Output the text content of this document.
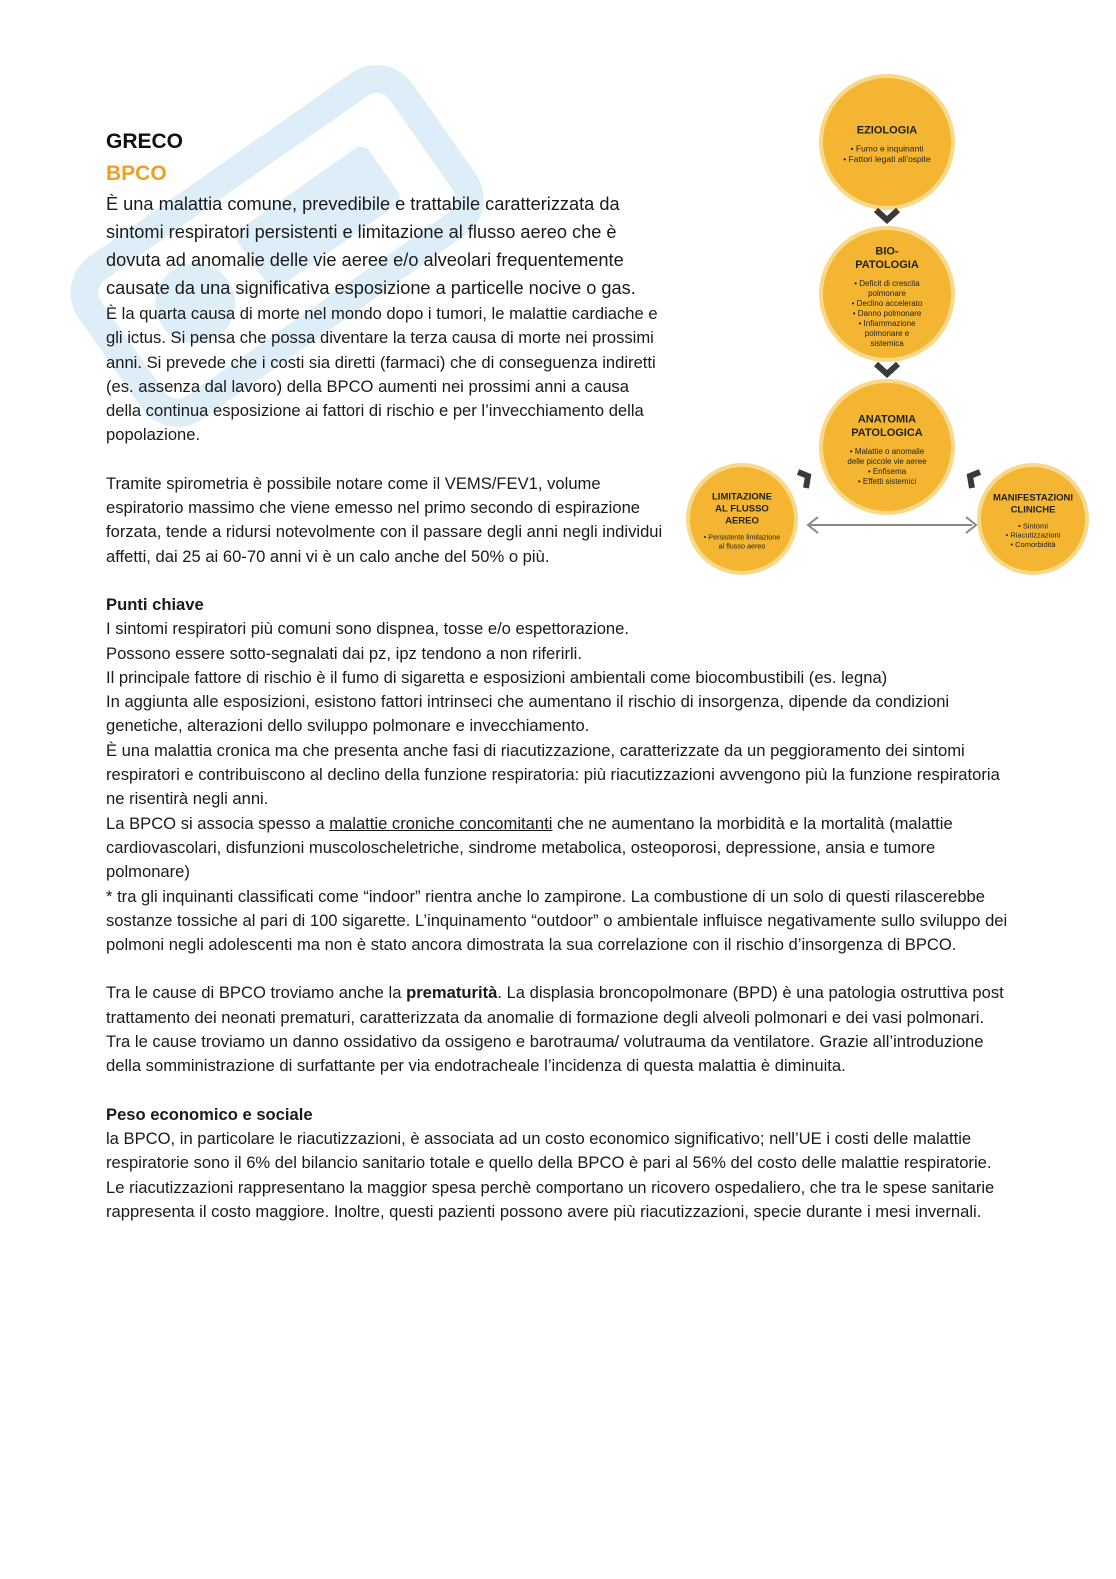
GRECO
BPCO

È una malattia comune, prevedibile e trattabile caratterizzata da sintomi respiratori persistenti e limitazione al flusso aereo che è dovuta ad anomalie delle vie aeree e/o alveolari frequentemente causate da una significativa esposizione a particelle nocive o gas.

È la quarta causa di morte nel mondo dopo i tumori, le malattie cardiache e gli ictus. Si pensa che possa diventare la terza causa di morte nei prossimi anni. Si prevede che i costi sia diretti (farmaci) che di conseguenza indiretti (es. assenza dal lavoro) della BPCO aumenti nei prossimi anni a causa della continua esposizione ai fattori di rischio e per l’invecchiamento della popolazione.

Tramite spirometria è possibile notare come il VEMS/FEV1, volume espiratorio massimo che viene emesso nel primo secondo di espirazione forzata, tende a ridursi notevolmente con il passare degli anni negli individui affetti, dai 25 ai 60-70 anni vi è un calo anche del 50% o più.

Punti chiave

I sintomi respiratori più comuni sono dispnea, tosse e/o espettorazione.

Possono essere sotto-segnalati dai pz, ipz tendono a non riferirli.

Il principale fattore di rischio è il fumo di sigaretta e esposizioni ambientali come biocombustibili (es. legna)

In aggiunta alle esposizioni, esistono fattori intrinseci che aumentano il rischio di insorgenza, dipende da condizioni genetiche, alterazioni dello sviluppo polmonare e invecchiamento.

È una malattia cronica ma che presenta anche fasi di riacutizzazione, caratterizzate da un peggioramento dei sintomi respiratori e contribuiscono al declino della funzione respiratoria: più riacutizzazioni avvengono più la funzione respiratoria ne risentirà negli anni.

La BPCO si associa spesso a malattie croniche concomitanti che ne aumentano la morbidità e la mortalità (malattie cardiovascolari, disfunzioni muscoloscheletriche, sindrome metabolica, osteoporosi, depressione, ansia e tumore polmonare)

* tra gli inquinanti classificati come “indoor” rientra anche lo zampirone. La combustione di un solo di questi rilascerebbe sostanze tossiche al pari di 100 sigarette. L’inquinamento “outdoor” o ambientale influisce negativamente sullo sviluppo dei polmoni negli adolescenti ma non è stato ancora dimostrata la sua correlazione con il rischio d’insorgenza di BPCO.

Tra le cause di BPCO troviamo anche la prematurità. La displasia broncopolmonare (BPD) è una patologia ostruttiva post trattamento dei neonati prematuri, caratterizzata da anomalie di formazione degli alveoli polmonari e dei vasi polmonari. Tra le cause troviamo un danno ossidativo da ossigeno e barotrauma/ volutrauma da ventilatore. Grazie all’introduzione della somministrazione di surfattante per via endotracheale l’incidenza di questa malattia è diminuita.

Peso economico e sociale

la BPCO, in particolare le riacutizzazioni, è associata ad un costo economico significativo; nell’UE i costi delle malattie respiratorie sono il 6% del bilancio sanitario totale e quello della BPCO è pari al 56% del costo delle malattie respiratorie.

Le riacutizzazioni rappresentano la maggior spesa perchè comportano un ricovero ospedaliero, che tra le spese sanitarie rappresenta il costo maggiore. Inoltre, questi pazienti possono avere più riacutizzazioni, specie durante i mesi invernali.

EZIOLOGIA
• Fumo e inquinanti
• Fattori legati all’ospite
BIO-
PATOLOGIA
• Deficit di crescita
polmonare
• Declino accelerato
• Danno polmonare
• Infiammazione
polmonare e
sistemica
ANATOMIA
PATOLOGICA
• Malattie o anomalie
delle piccole vie aeree
• Enfisema
• Effetti sistemici
LIMITAZIONE
AL FLUSSO
AEREO
• Persistente limitazione
al flusso aereo
MANIFESTAZIONI
CLINICHE
• Sintomi
• Riacutizzazioni
• Comorbidità
